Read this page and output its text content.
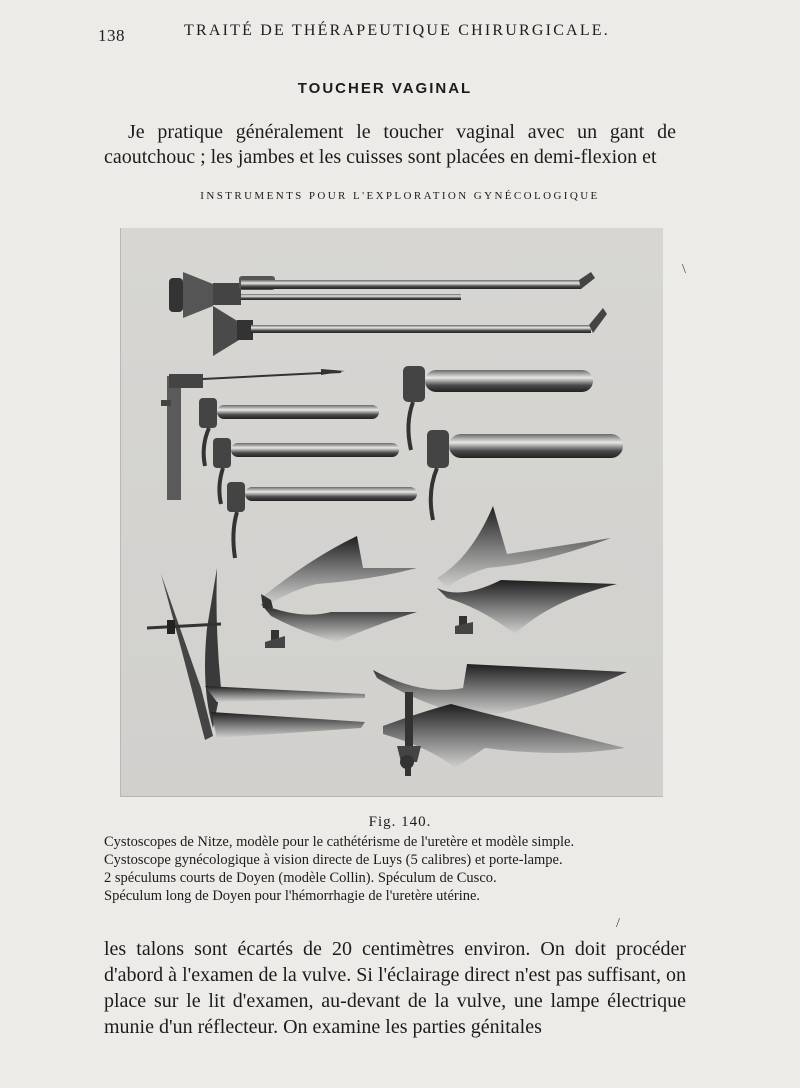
138	TRAITÉ DE THÉRAPEUTIQUE CHIRURGICALE.
TOUCHER VAGINAL
Je pratique généralement le toucher vaginal avec un gant de caoutchouc ; les jambes et les cuisses sont placées en demi-flexion et
INSTRUMENTS POUR L'EXPLORATION GYNÉCOLOGIQUE
Fig. 140.
Cystoscopes de Nitze, modèle pour le cathétérisme de l'uretère et modèle simple.
Cystoscope gynécologique à vision directe de Luys (5 calibres) et porte-lampe.
2 spéculums courts de Doyen (modèle Collin). Spéculum de Cusco.
Spéculum long de Doyen pour l'hémorrhagie de l'uretère utérine.
les talons sont écartés de 20 centimètres environ. On doit procéder d'abord à l'examen de la vulve. Si l'éclairage direct n'est pas suffisant, on place sur le lit d'examen, au-devant de la vulve, une lampe électrique munie d'un réflecteur. On examine les parties génitales
\
/
